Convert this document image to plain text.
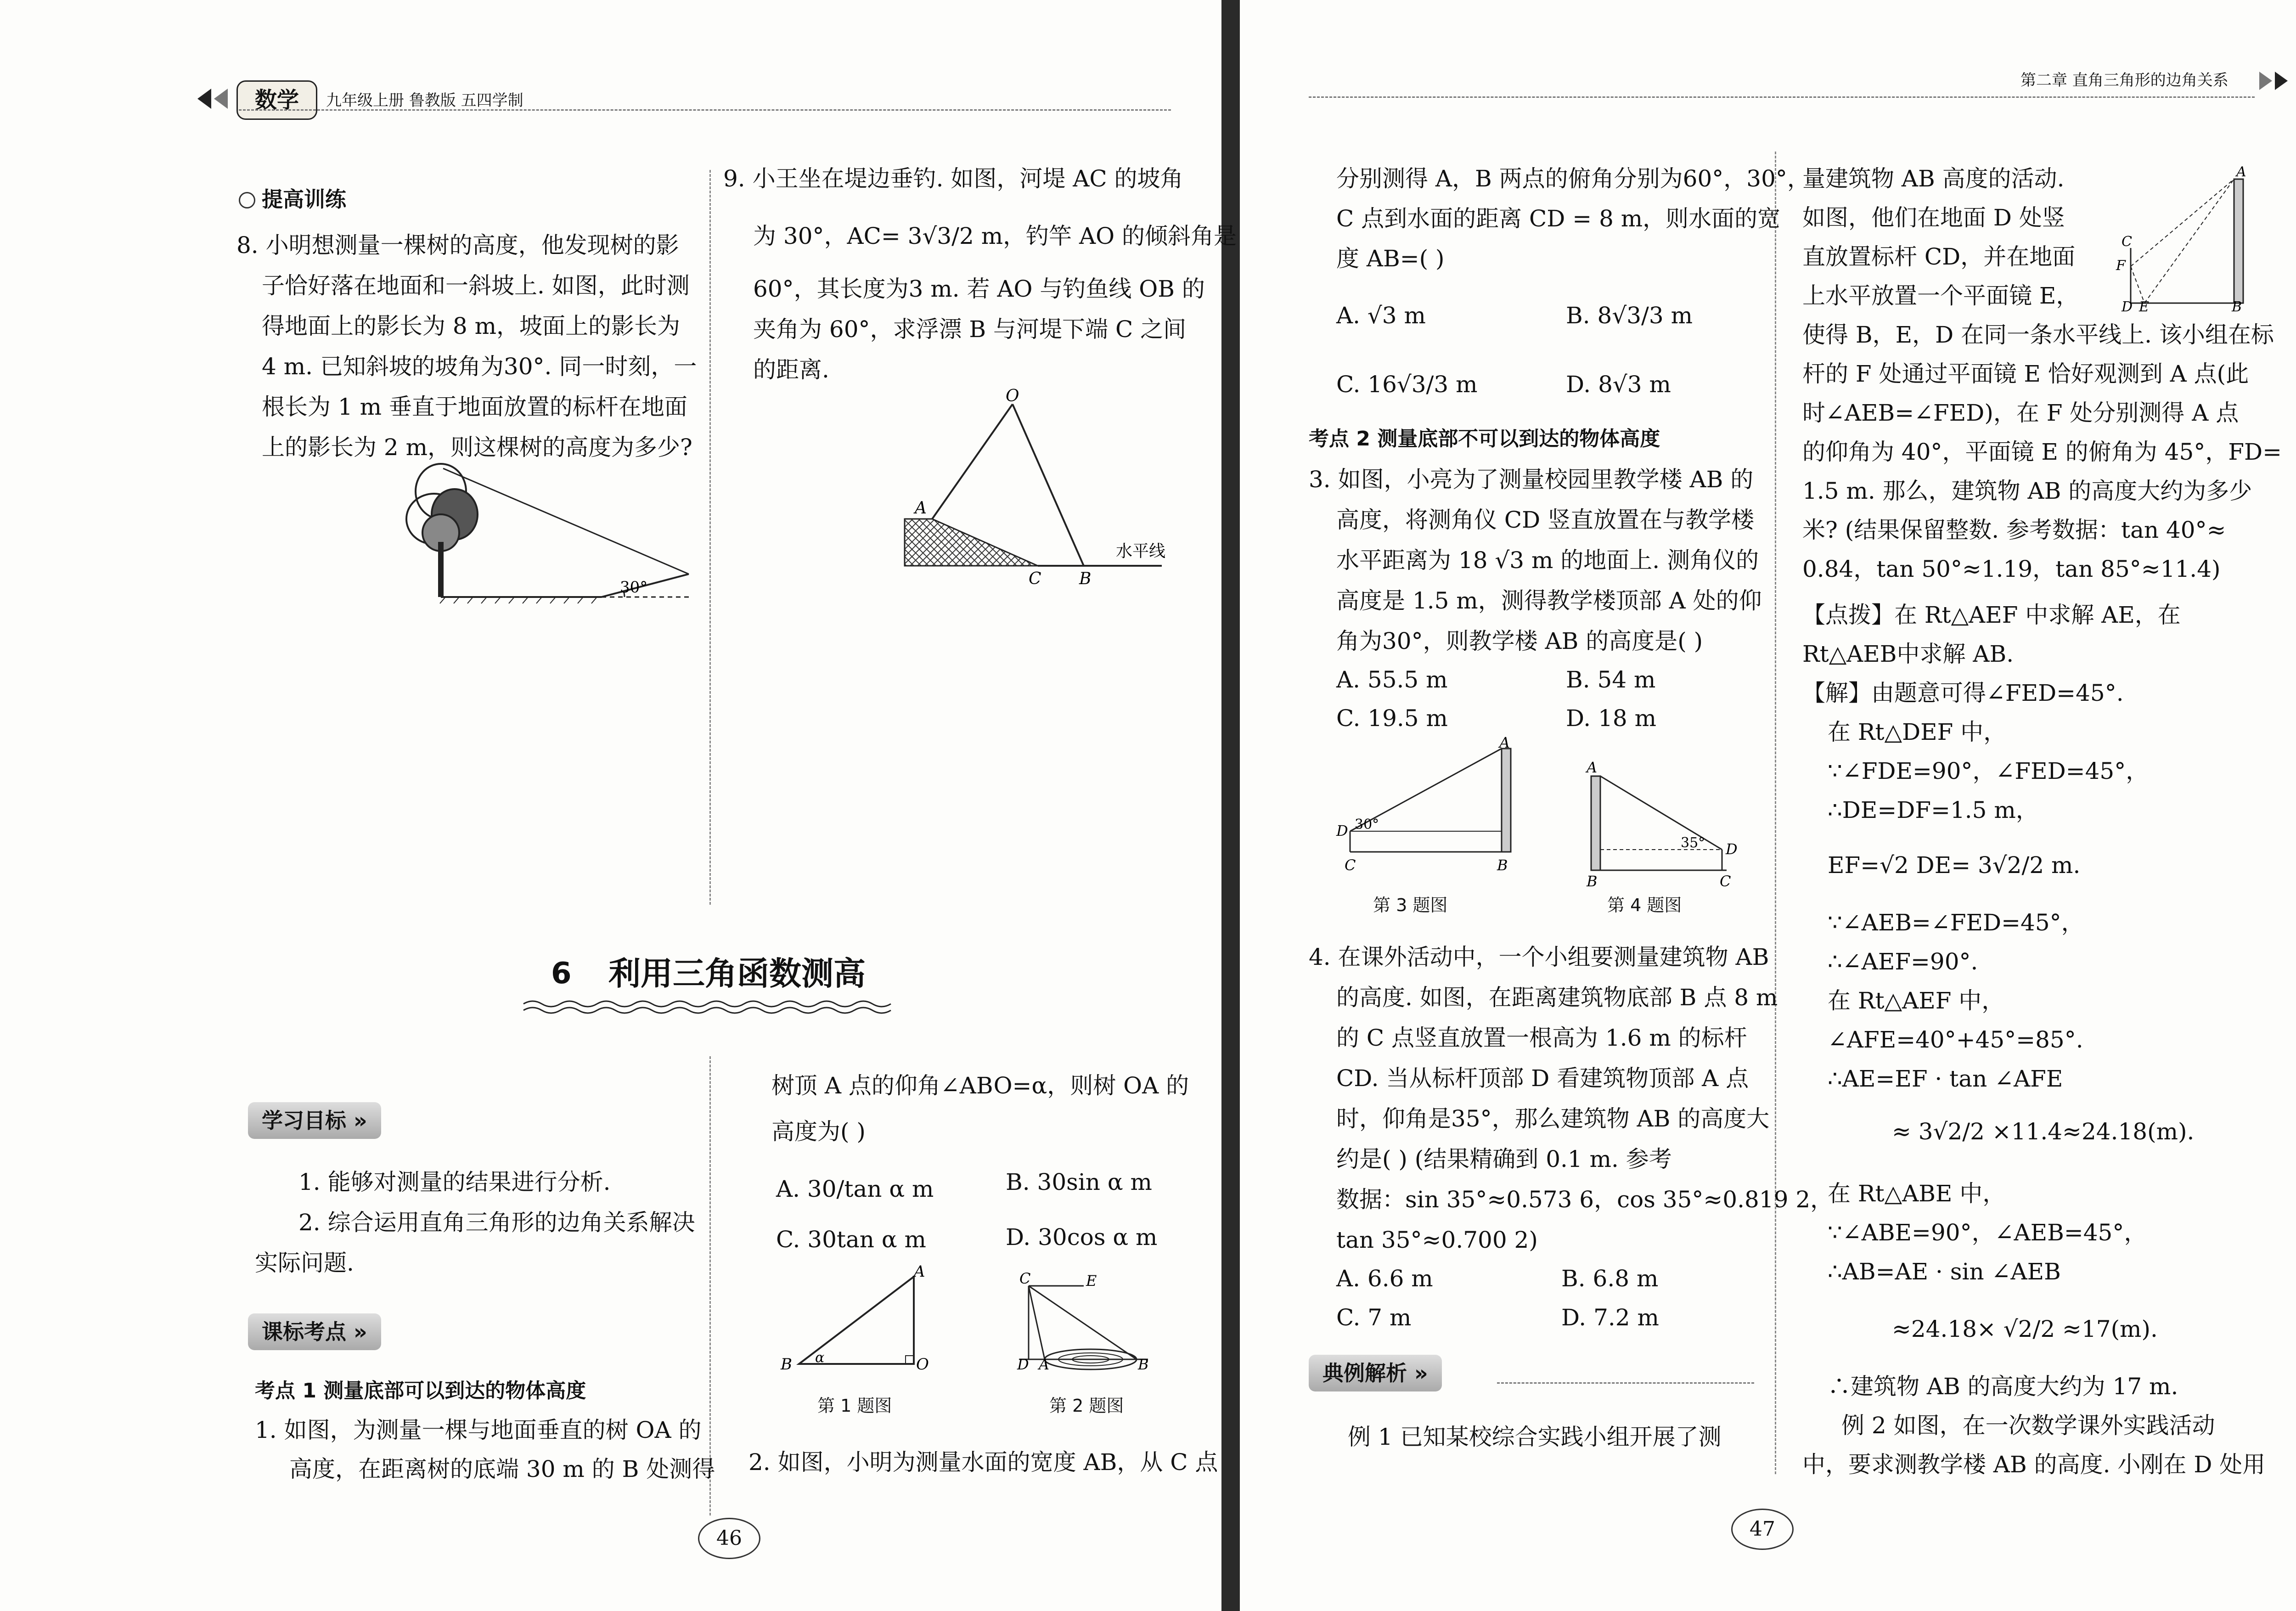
数学	九年级上册 鲁教版 五四学制
提高训练
8. 小明想测量一棵树的高度，他发现树的影
子恰好落在地面和一斜坡上. 如图，此时测
得地面上的影长为 8 m，坡面上的影长为
4 m. 已知斜坡的坡角为30°. 同一时刻，一
根长为 1 m 垂直于地面放置的标杆在地面
上的影长为 2 m，则这棵树的高度为多少?
30°
9. 小王坐在堤边垂钓. 如图，河堤 AC 的坡角
为 30°，AC= 3√3/2 m，钓竿 AO 的倾斜角是
60°，其长度为3 m. 若 AO 与钓鱼线 OB 的
夹角为 60°，求浮漂 B 与河堤下端 C 之间
的距离.
O
A
C B
水平线
6 利用三角函数测高
学习目标 »
1. 能够对测量的结果进行分析.
2. 综合运用直角三角形的边角关系解决
实际问题.
课标考点 »
考点 1 测量底部可以到达的物体高度
1. 如图，为测量一棵与地面垂直的树 OA 的
高度，在距离树的底端 30 m 的 B 处测得
树顶 A 点的仰角∠ABO=α，则树 OA 的
高度为( )
A. 30/tan α m	B. 30sin α m
C. 30tan α m	D. 30cos α m
A
B	O
α
第 1 题图
C	E
D A	B
第 2 题图
2. 如图，小明为测量水面的宽度 AB，从 C 点
46
第二章 直角三角形的边角关系
分别测得 A，B 两点的俯角分别为60°，30°，
C 点到水面的距离 CD = 8 m，则水面的宽
度 AB=( )
A. √3 m	B. 8√3/3 m
C. 16√3/3 m	D. 8√3 m
考点 2 测量底部不可以到达的物体高度
3. 如图，小亮为了测量校园里教学楼 AB 的
高度，将测角仪 CD 竖直放置在与教学楼
水平距离为 18 √3 m 的地面上. 测角仪的
高度是 1.5 m，测得教学楼顶部 A 处的仰
角为30°，则教学楼 AB 的高度是( )
A. 55.5 m	B. 54 m
C. 19.5 m	D. 18 m
A
D 30°
C	B
第 3 题图
A
B	C
D
35°
第 4 题图
4. 在课外活动中，一个小组要测量建筑物 AB
的高度. 如图，在距离建筑物底部 B 点 8 m
的 C 点竖直放置一根高为 1.6 m 的标杆
CD. 当从标杆顶部 D 看建筑物顶部 A 点
时，仰角是35°，那么建筑物 AB 的高度大
约是( ) (结果精确到 0.1 m. 参考
数据：sin 35°≈0.573 6，cos 35°≈0.819 2，
tan 35°≈0.700 2)
A. 6.6 m	B. 6.8 m
C. 7 m	D. 7.2 m
典例解析 »
例 1 已知某校综合实践小组开展了测
量建筑物 AB 高度的活动.
如图，他们在地面 D 处竖
直放置标杆 CD，并在地面
上水平放置一个平面镜 E，
使得 B，E，D 在同一条水平线上. 该小组在标
杆的 F 处通过平面镜 E 恰好观测到 A 点(此
时∠AEB=∠FED)，在 F 处分别测得 A 点
的仰角为 40°，平面镜 E 的俯角为 45°，FD=
1.5 m. 那么，建筑物 AB 的高度大约为多少
米? (结果保留整数. 参考数据：tan 40°≈
0.84，tan 50°≈1.19，tan 85°≈11.4)
A
C
F
D E	B
【点拨】在 Rt△AEF 中求解 AE，在
Rt△AEB中求解 AB.
【解】由题意可得∠FED=45°.
在 Rt△DEF 中，
∵∠FDE=90°，∠FED=45°，
∴DE=DF=1.5 m，
EF=√2 DE= 3√2/2 m.
∵∠AEB=∠FED=45°，
∴∠AEF=90°.
在 Rt△AEF 中，
∠AFE=40°+45°=85°.
∴AE=EF · tan ∠AFE
≈ 3√2/2 ×11.4≈24.18(m).
在 Rt△ABE 中，
∵∠ABE=90°，∠AEB=45°，
∴AB=AE · sin ∠AEB
≈24.18× √2/2 ≈17(m).
∴建筑物 AB 的高度大约为 17 m.
例 2 如图，在一次数学课外实践活动
中，要求测教学楼 AB 的高度. 小刚在 D 处用
47
